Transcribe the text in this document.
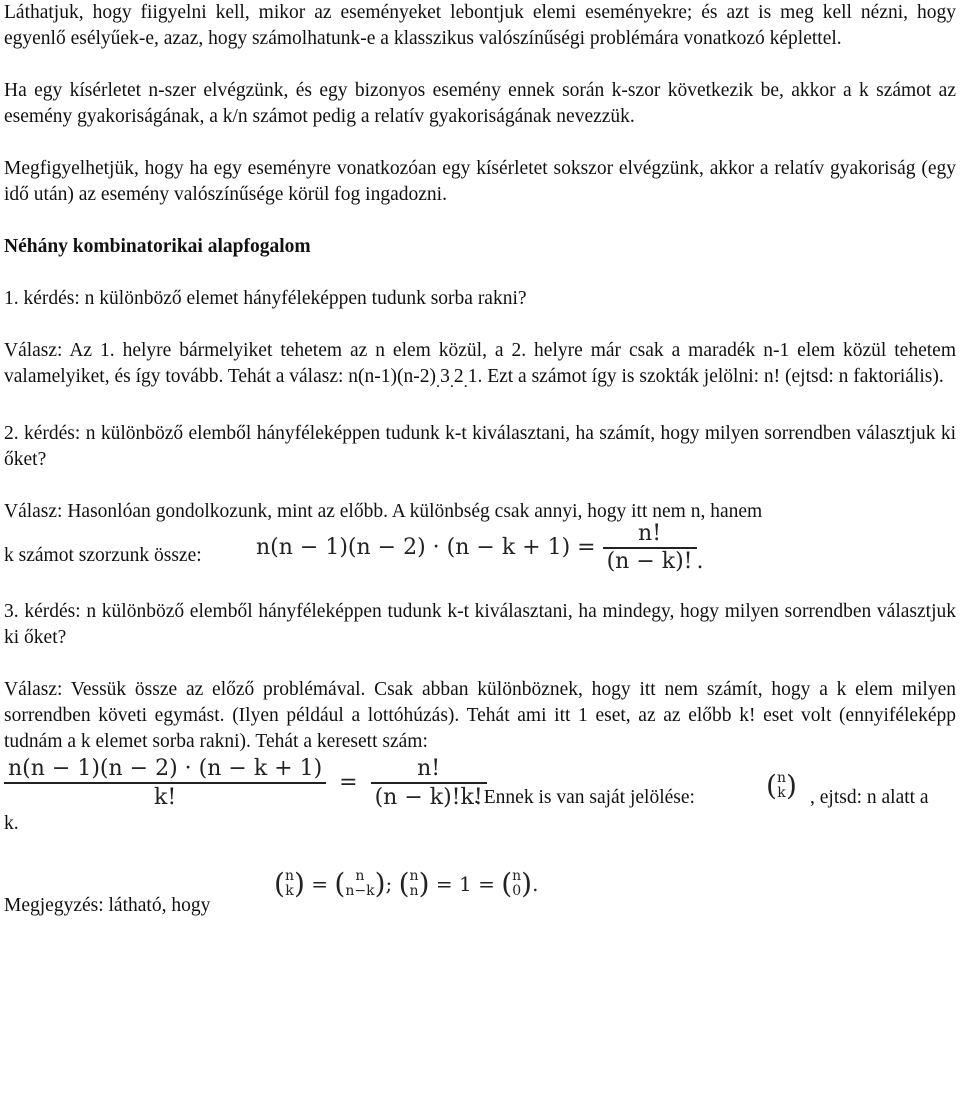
Láthatjuk, hogy fiigyelni kell, mikor az eseményeket lebontjuk elemi eseményekre; és azt is meg kell nézni, hogy egyenlő esélyűek-e, azaz, hogy számolhatunk-e a klasszikus valószínűségi problémára vonatkozó képlettel.

Ha egy kísérletet n-szer elvégzünk, és egy bizonyos esemény ennek során k-szor következik be, akkor a k számot az esemény gyakoriságának, a k/n számot pedig a relatív gyakoriságának nevezzük.

Megfigyelhetjük, hogy ha egy eseményre vonatkozóan egy kísérletet sokszor elvégzünk, akkor a relatív gyakoriság (egy idő után) az esemény valószínűsége körül fog ingadozni.

Néhány kombinatorikai alapfogalom

1. kérdés: n különböző elemet hányféleképpen tudunk sorba rakni?

Válasz: Az 1. helyre bármelyiket tehetem az n elem közül, a 2. helyre már csak a maradék n-1 elem közül tehetem valamelyiket, és így tovább. Tehát a válasz: $n(n-1)(n-2)_.3_.2_.1$. Ezt a számot így is szokták jelölni: n! (ejtsd: n faktoriális).

2. kérdés: n különböző elemből hányféleképpen tudunk k-t kiválasztani, ha számít, hogy milyen sorrendben választjuk ki őket?

Válasz: Hasonlóan gondolkozunk, mint az előbb. A különbség csak annyi, hogy itt nem n, hanem

k számot szorzunk össze: $n(n - 1)(n - 2) \cdot (n - k + 1) = \frac{n!}{(n - k)!}$ .

3. kérdés: n különböző elemből hányféleképpen tudunk k-t kiválasztani, ha mindegy, hogy milyen sorrendben választjuk ki őket?

Válasz: Vessük össze az előző problémával. Csak abban különböznek, hogy itt nem számít, hogy a k elem milyen sorrendben követi egymást. (Ilyen például a lottóhúzás). Tehát ami itt 1 eset, az az előbb k! eset volt (ennyiféleképp tudnám a k elemet sorba rakni). Tehát a keresett szám:

$\frac{n(n - 1)(n - 2) \cdot (n - k + 1)}{k!} = \frac{n!}{(n - k)!k!}$
. Ennek is van saját jelölése:	( n
k ) , ejtsd: n alatt a
k.
Megjegyzés: látható, hogy
( n
k ) = ( n
n−k ); ( n
n ) = 1 = ( n
0 ).
